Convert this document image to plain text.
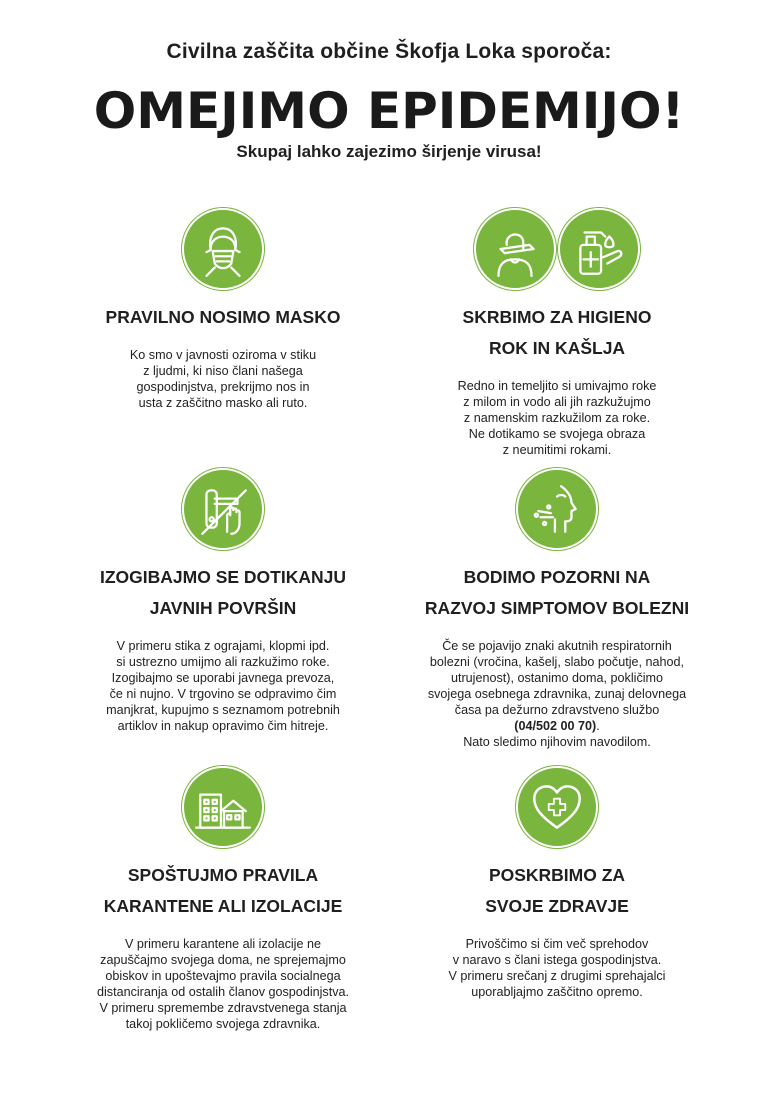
Civilna zaščita občine Škofja Loka sporoča:
OMEJIMO EPIDEMIJO!
Skupaj lahko zajezimo širjenje virusa!
PRAVILNO NOSIMO MASKO
Ko smo v javnosti oziroma v stiku
z ljudmi, ki niso člani našega
gospodinjstva, prekrijmo nos in
usta z zaščitno masko ali ruto.
SKRBIMO ZA HIGIENO
ROK IN KAŠLJA
Redno in temeljito si umivajmo roke
z milom in vodo ali jih razkužujmo
z namenskim razkužilom za roke.
Ne dotikamo se svojega obraza
z neumitimi rokami.
IZOGIBAJMO SE DOTIKANJU
JAVNIH POVRŠIN
V primeru stika z ograjami, klopmi ipd.
si ustrezno umijmo ali razkužimo roke.
Izogibajmo se uporabi javnega prevoza,
če ni nujno. V trgovino se odpravimo čim
manjkrat, kupujmo s seznamom potrebnih
artiklov in nakup opravimo čim hitreje.
BODIMO POZORNI NA
RAZVOJ SIMPTOMOV BOLEZNI
Če se pojavijo znaki akutnih respiratornih
bolezni (vročina, kašelj, slabo počutje, nahod,
utrujenost), ostanimo doma, pokličimo
svojega osebnega zdravnika, zunaj delovnega
časa pa dežurno zdravstveno službo
(04/502 00 70).
Nato sledimo njihovim navodilom.
SPOŠTUJMO PRAVILA
KARANTENE ALI IZOLACIJE
V primeru karantene ali izolacije ne
zapuščajmo svojega doma, ne sprejemajmo
obiskov in upoštevajmo pravila socialnega
distanciranja od ostalih članov gospodinjstva.
V primeru spremembe zdravstvenega stanja
takoj pokličemo svojega zdravnika.
POSKRBIMO ZA
SVOJE ZDRAVJE
Privoščimo si čim več sprehodov
v naravo s člani istega gospodinjstva.
V primeru srečanj z drugimi sprehajalci
uporabljajmo zaščitno opremo.
